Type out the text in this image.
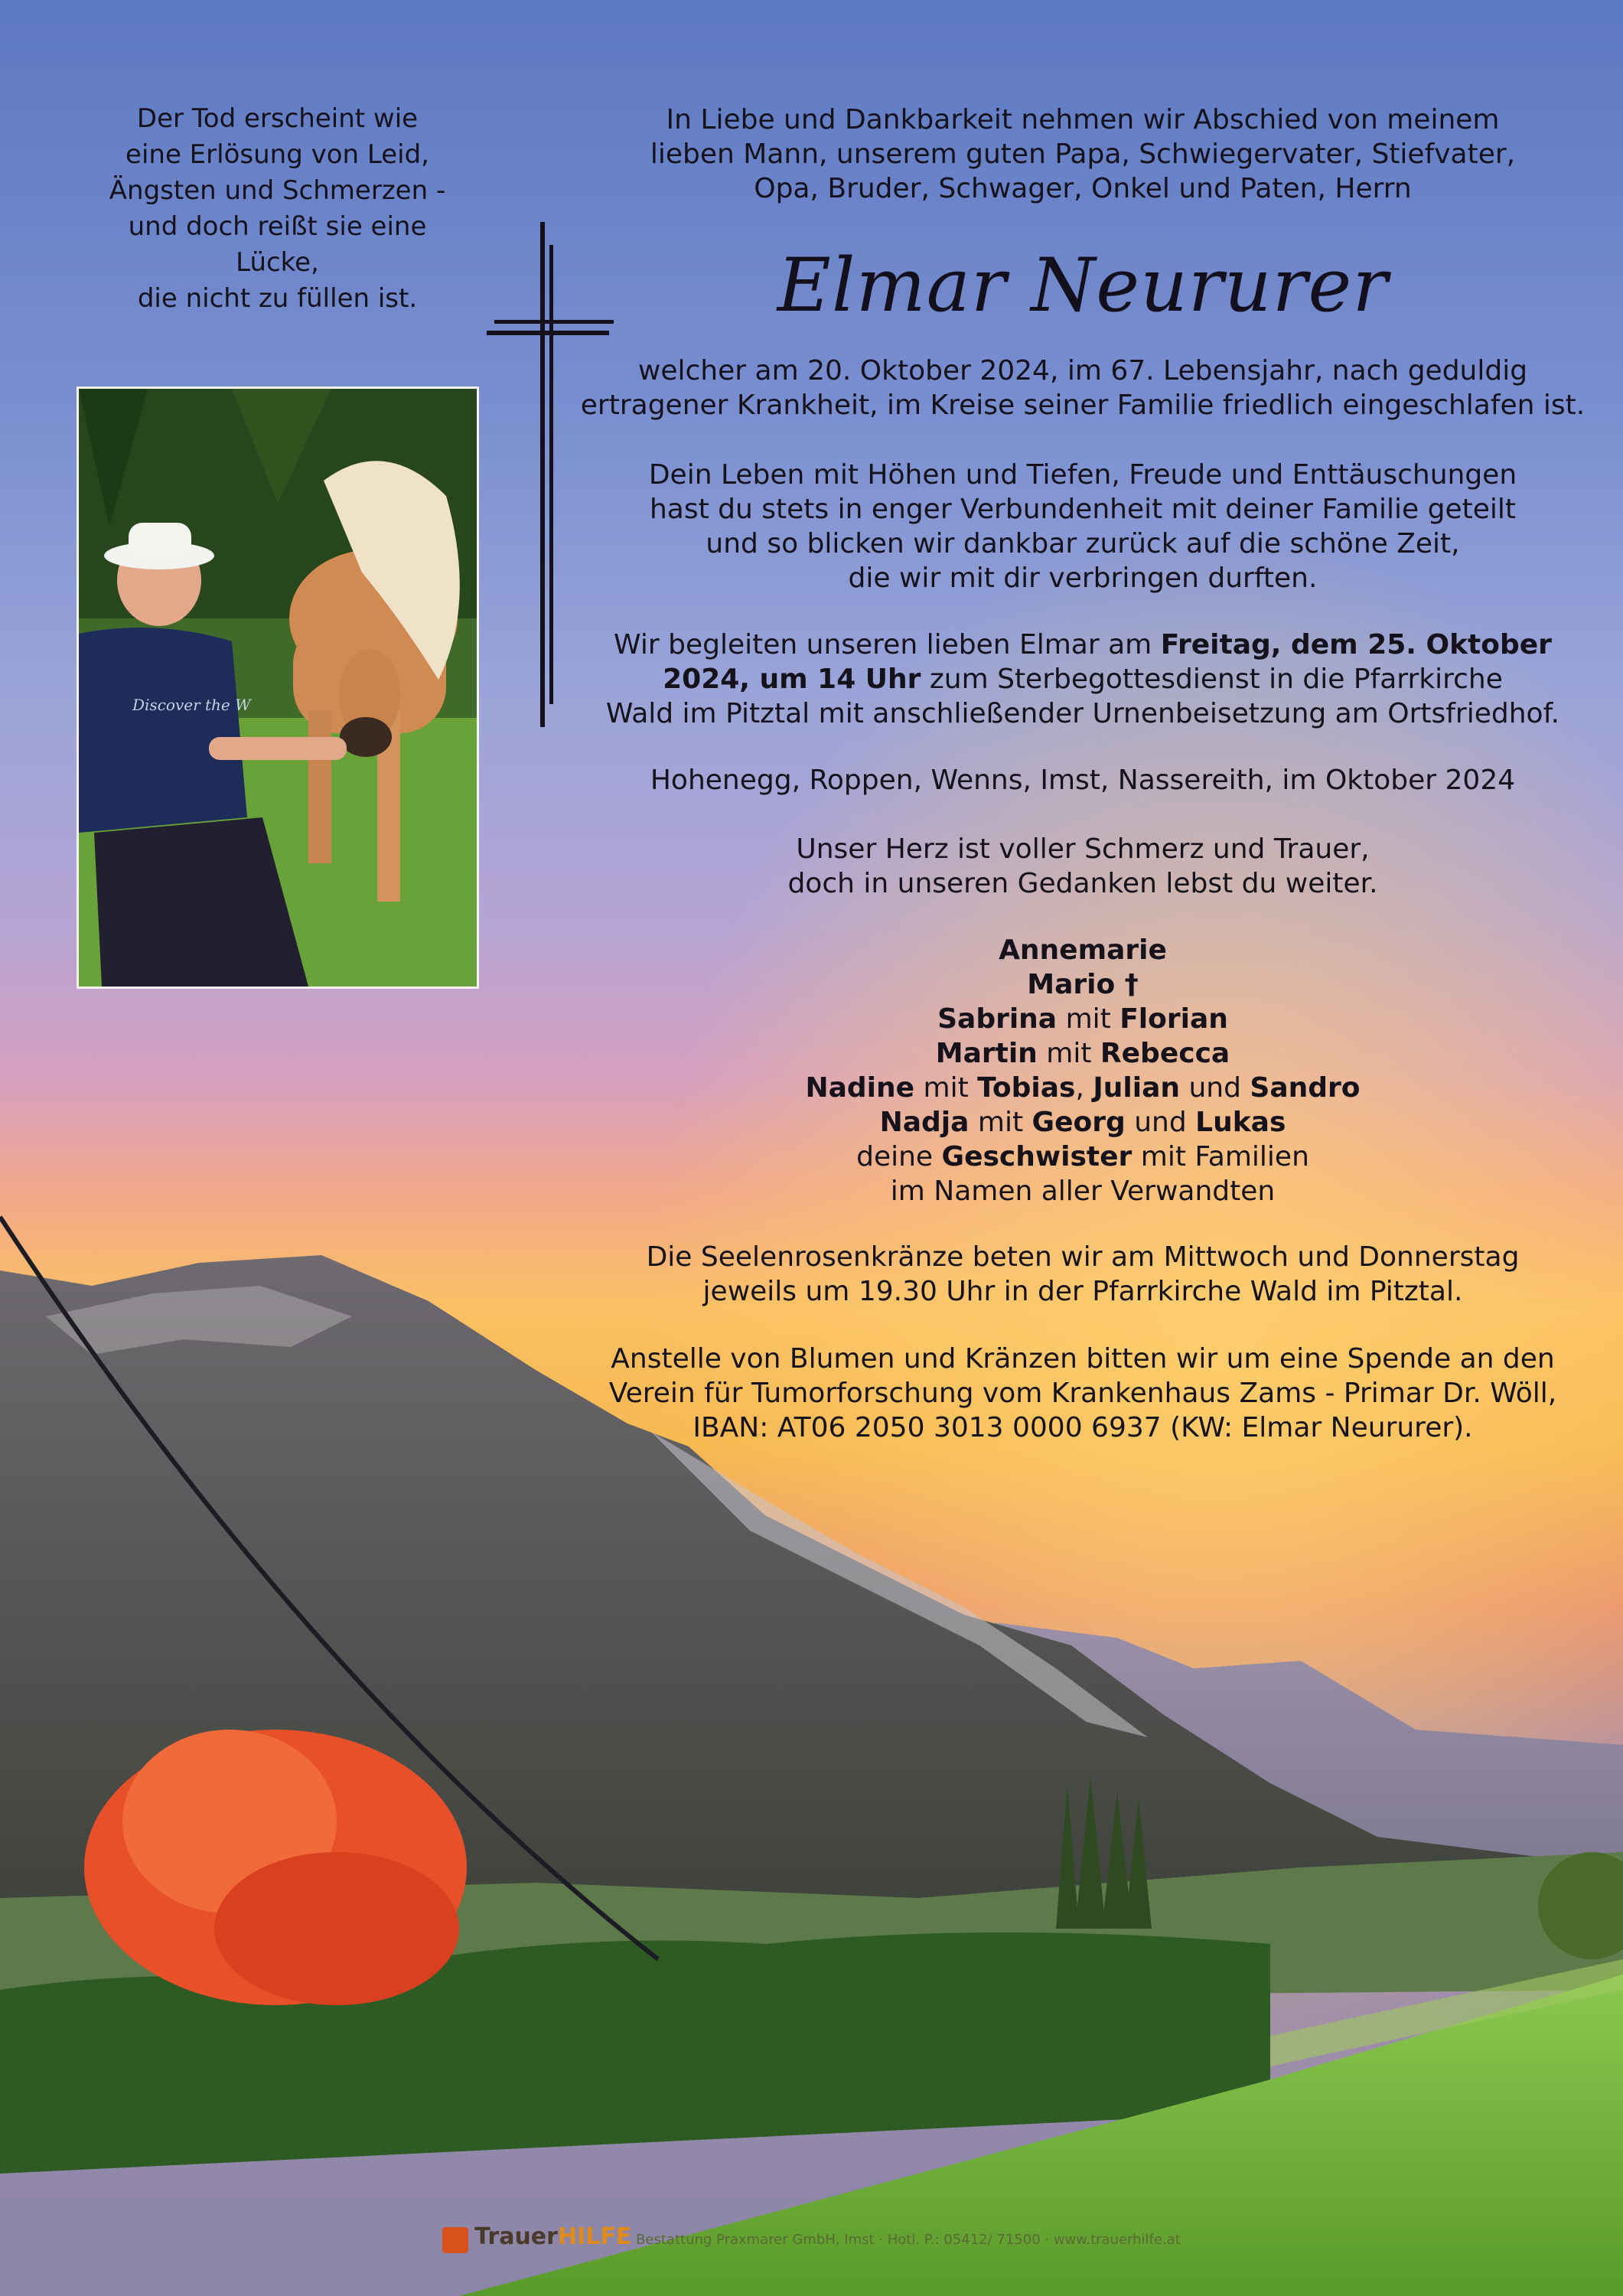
Der Tod erscheint wie
eine Erlösung von Leid,
Ängsten und Schmerzen -
und doch reißt sie eine
Lücke,
die nicht zu füllen ist.
Discover the W
In Liebe und Dankbarkeit nehmen wir Abschied von meinem
lieben Mann, unserem guten Papa, Schwiegervater, Stiefvater,
Opa, Bruder, Schwager, Onkel und Paten, Herrn
Elmar Neururer
welcher am 20. Oktober 2024, im 67. Lebensjahr, nach geduldig
ertragener Krankheit, im Kreise seiner Familie friedlich eingeschlafen ist.
Dein Leben mit Höhen und Tiefen, Freude und Enttäuschungen
hast du stets in enger Verbundenheit mit deiner Familie geteilt
und so blicken wir dankbar zurück auf die schöne Zeit,
die wir mit dir verbringen durften.
Wir begleiten unseren lieben Elmar am Freitag, dem 25. Oktober
2024, um 14 Uhr zum Sterbegottesdienst in die Pfarrkirche
Wald im Pitztal mit anschließender Urnenbeisetzung am Ortsfriedhof.
Hohenegg, Roppen, Wenns, Imst, Nassereith, im Oktober 2024
Unser Herz ist voller Schmerz und Trauer,
doch in unseren Gedanken lebst du weiter.
Annemarie
Mario †
Sabrina mit Florian
Martin mit Rebecca
Nadine mit Tobias, Julian und Sandro
Nadja mit Georg und Lukas
deine Geschwister mit Familien
im Namen aller Verwandten
Die Seelenrosenkränze beten wir am Mittwoch und Donnerstag
jeweils um 19.30 Uhr in der Pfarrkirche Wald im Pitztal.
Anstelle von Blumen und Kränzen bitten wir um eine Spende an den
Verein für Tumorforschung vom Krankenhaus Zams - Primar Dr. Wöll,
IBAN: AT06 2050 3013 0000 6937 (KW: Elmar Neururer).
TrauerHILFE Bestattung Praxmarer GmbH, Imst · Hotl. P.: 05412/ 71500 · www.trauerhilfe.at
